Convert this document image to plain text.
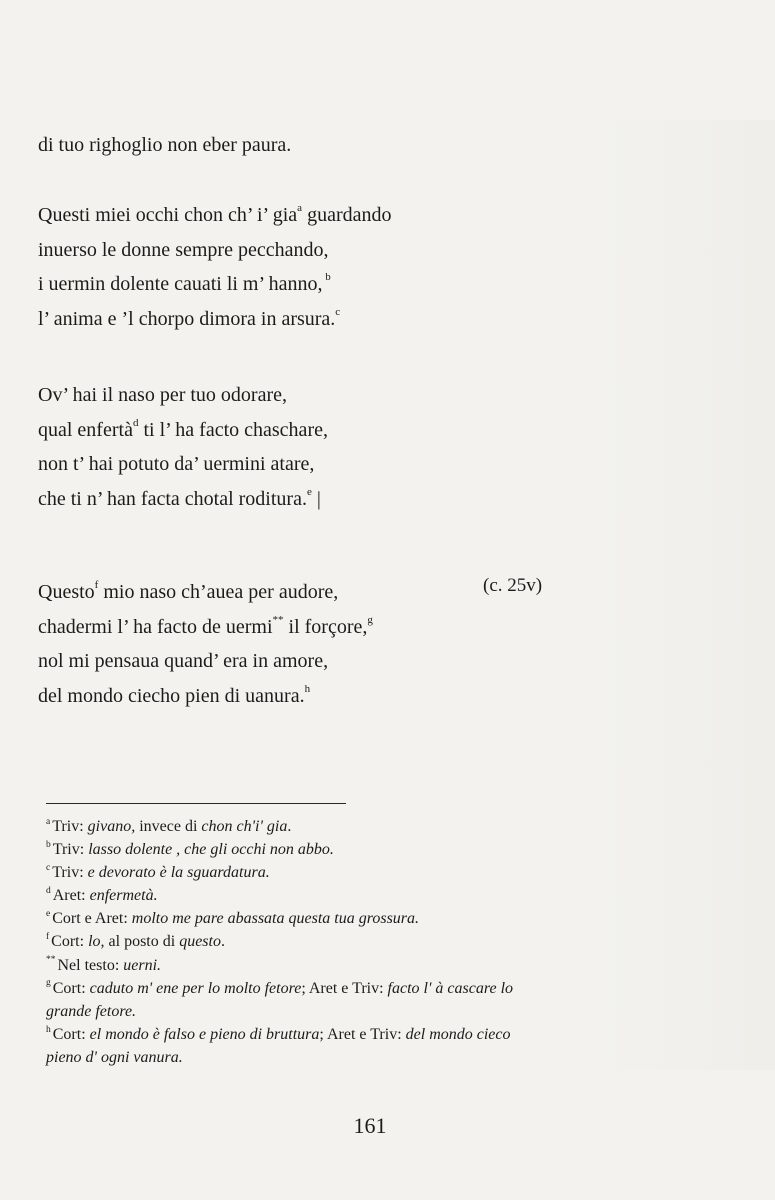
di tuo righoglio non eber paura.
Questi miei occhi chon ch’ i’ gia$^a$ guardando
inuerso le donne sempre pecchando,
i uermin dolente cauati li m’ hanno, $^b$
l’ anima e ’l chorpo dimora in arsura.$^c$
Ov’ hai il naso per tuo odorare,
qual enfertà$^d$ ti l’ ha facto chaschare,
non t’ hai potuto da’ uermini atare,
che ti n’ han facta chotal roditura.$^e$ |
Questo$^f$ mio naso ch’auea per audore,
chadermi l’ ha facto de uermi** il forçore,$^g$
nol mi pensaua quand’ era in amore,
del mondo ciecho pien di uanura.$^h$
(c. 25v)
$^a$ Triv: givano, invece di chon ch'i' gia.
$^b$ Triv: lasso dolente , che gli occhi non abbo.
$^c$ Triv: e devorato è la sguardatura.
$^d$ Aret: enfermetà.
$^e$ Cort e Aret: molto me pare abassata questa tua grossura.
$^f$ Cort: lo, al posto di questo.
** Nel testo: uerni.
$^g$ Cort: caduto m' ene per lo molto fetore; Aret e Triv: facto l' à cascare lo
grande fetore.
$^h$ Cort: el mondo è falso e pieno di bruttura; Aret e Triv: del mondo cieco
pieno d' ogni vanura.
161
